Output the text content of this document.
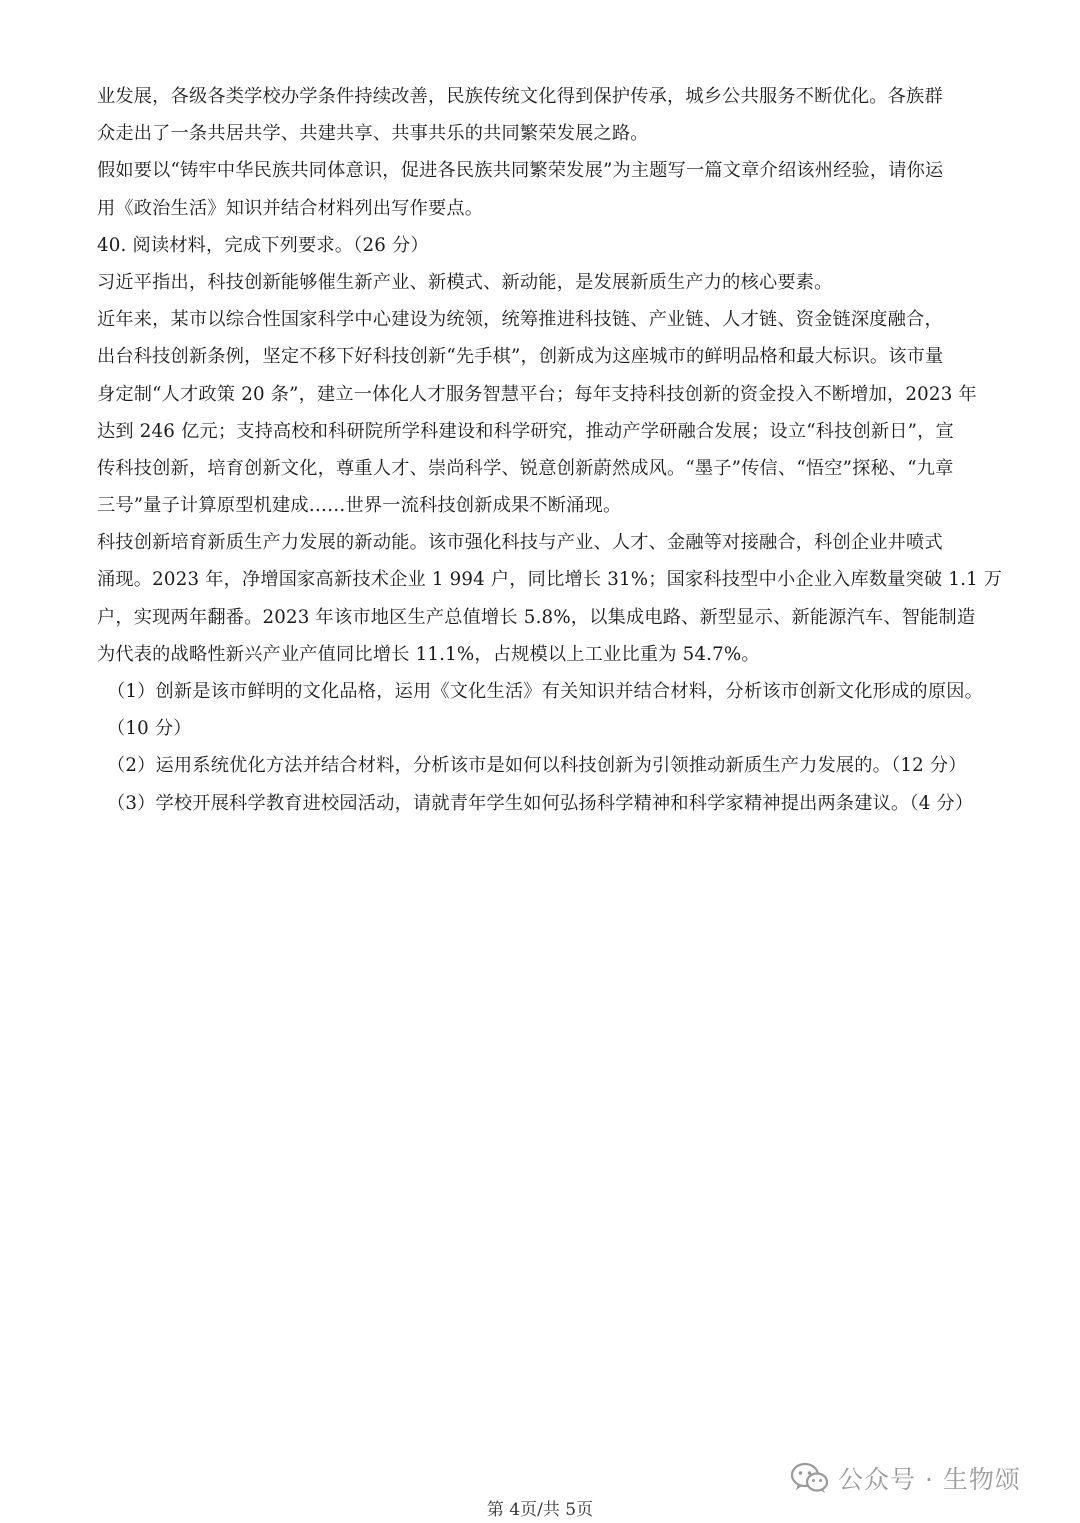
业发展，各级各类学校办学条件持续改善，民族传统文化得到保护传承，城乡公共服务不断优化。各族群
众走出了一条共居共学、共建共享、共事共乐的共同繁荣发展之路。
假如要以“铸牢中华民族共同体意识，促进各民族共同繁荣发展”为主题写一篇文章介绍该州经验，请你运
用《政治生活》知识并结合材料列出写作要点。
40. 阅读材料，完成下列要求。（26 分）
习近平指出，科技创新能够催生新产业、新模式、新动能，是发展新质生产力的核心要素。
近年来，某市以综合性国家科学中心建设为统领，统筹推进科技链、产业链、人才链、资金链深度融合，
出台科技创新条例，坚定不移下好科技创新“先手棋”，创新成为这座城市的鲜明品格和最大标识。该市量
身定制“人才政策 20 条”，建立一体化人才服务智慧平台；每年支持科技创新的资金投入不断增加，2023 年
达到 246 亿元；支持高校和科研院所学科建设和科学研究，推动产学研融合发展；设立“科技创新日”，宣
传科技创新，培育创新文化，尊重人才、崇尚科学、锐意创新蔚然成风。“墨子”传信、“悟空”探秘、“九章
三号”量子计算原型机建成……世界一流科技创新成果不断涌现。
科技创新培育新质生产力发展的新动能。该市强化科技与产业、人才、金融等对接融合，科创企业井喷式
涌现。2023 年，净增国家高新技术企业 1 994 户，同比增长 31%；国家科技型中小企业入库数量突破 1.1 万
户，实现两年翻番。2023 年该市地区生产总值增长 5.8%，以集成电路、新型显示、新能源汽车、智能制造
为代表的战略性新兴产业产值同比增长 11.1%，占规模以上工业比重为 54.7%。
（1）创新是该市鲜明的文化品格，运用《文化生活》有关知识并结合材料，分析该市创新文化形成的原因。
（10 分）
（2）运用系统优化方法并结合材料，分析该市是如何以科技创新为引领推动新质生产力发展的。（12 分）
（3）学校开展科学教育进校园活动，请就青年学生如何弘扬科学精神和科学家精神提出两条建议。（4 分）
公众号 · 生物颂
第 4页/共 5页
